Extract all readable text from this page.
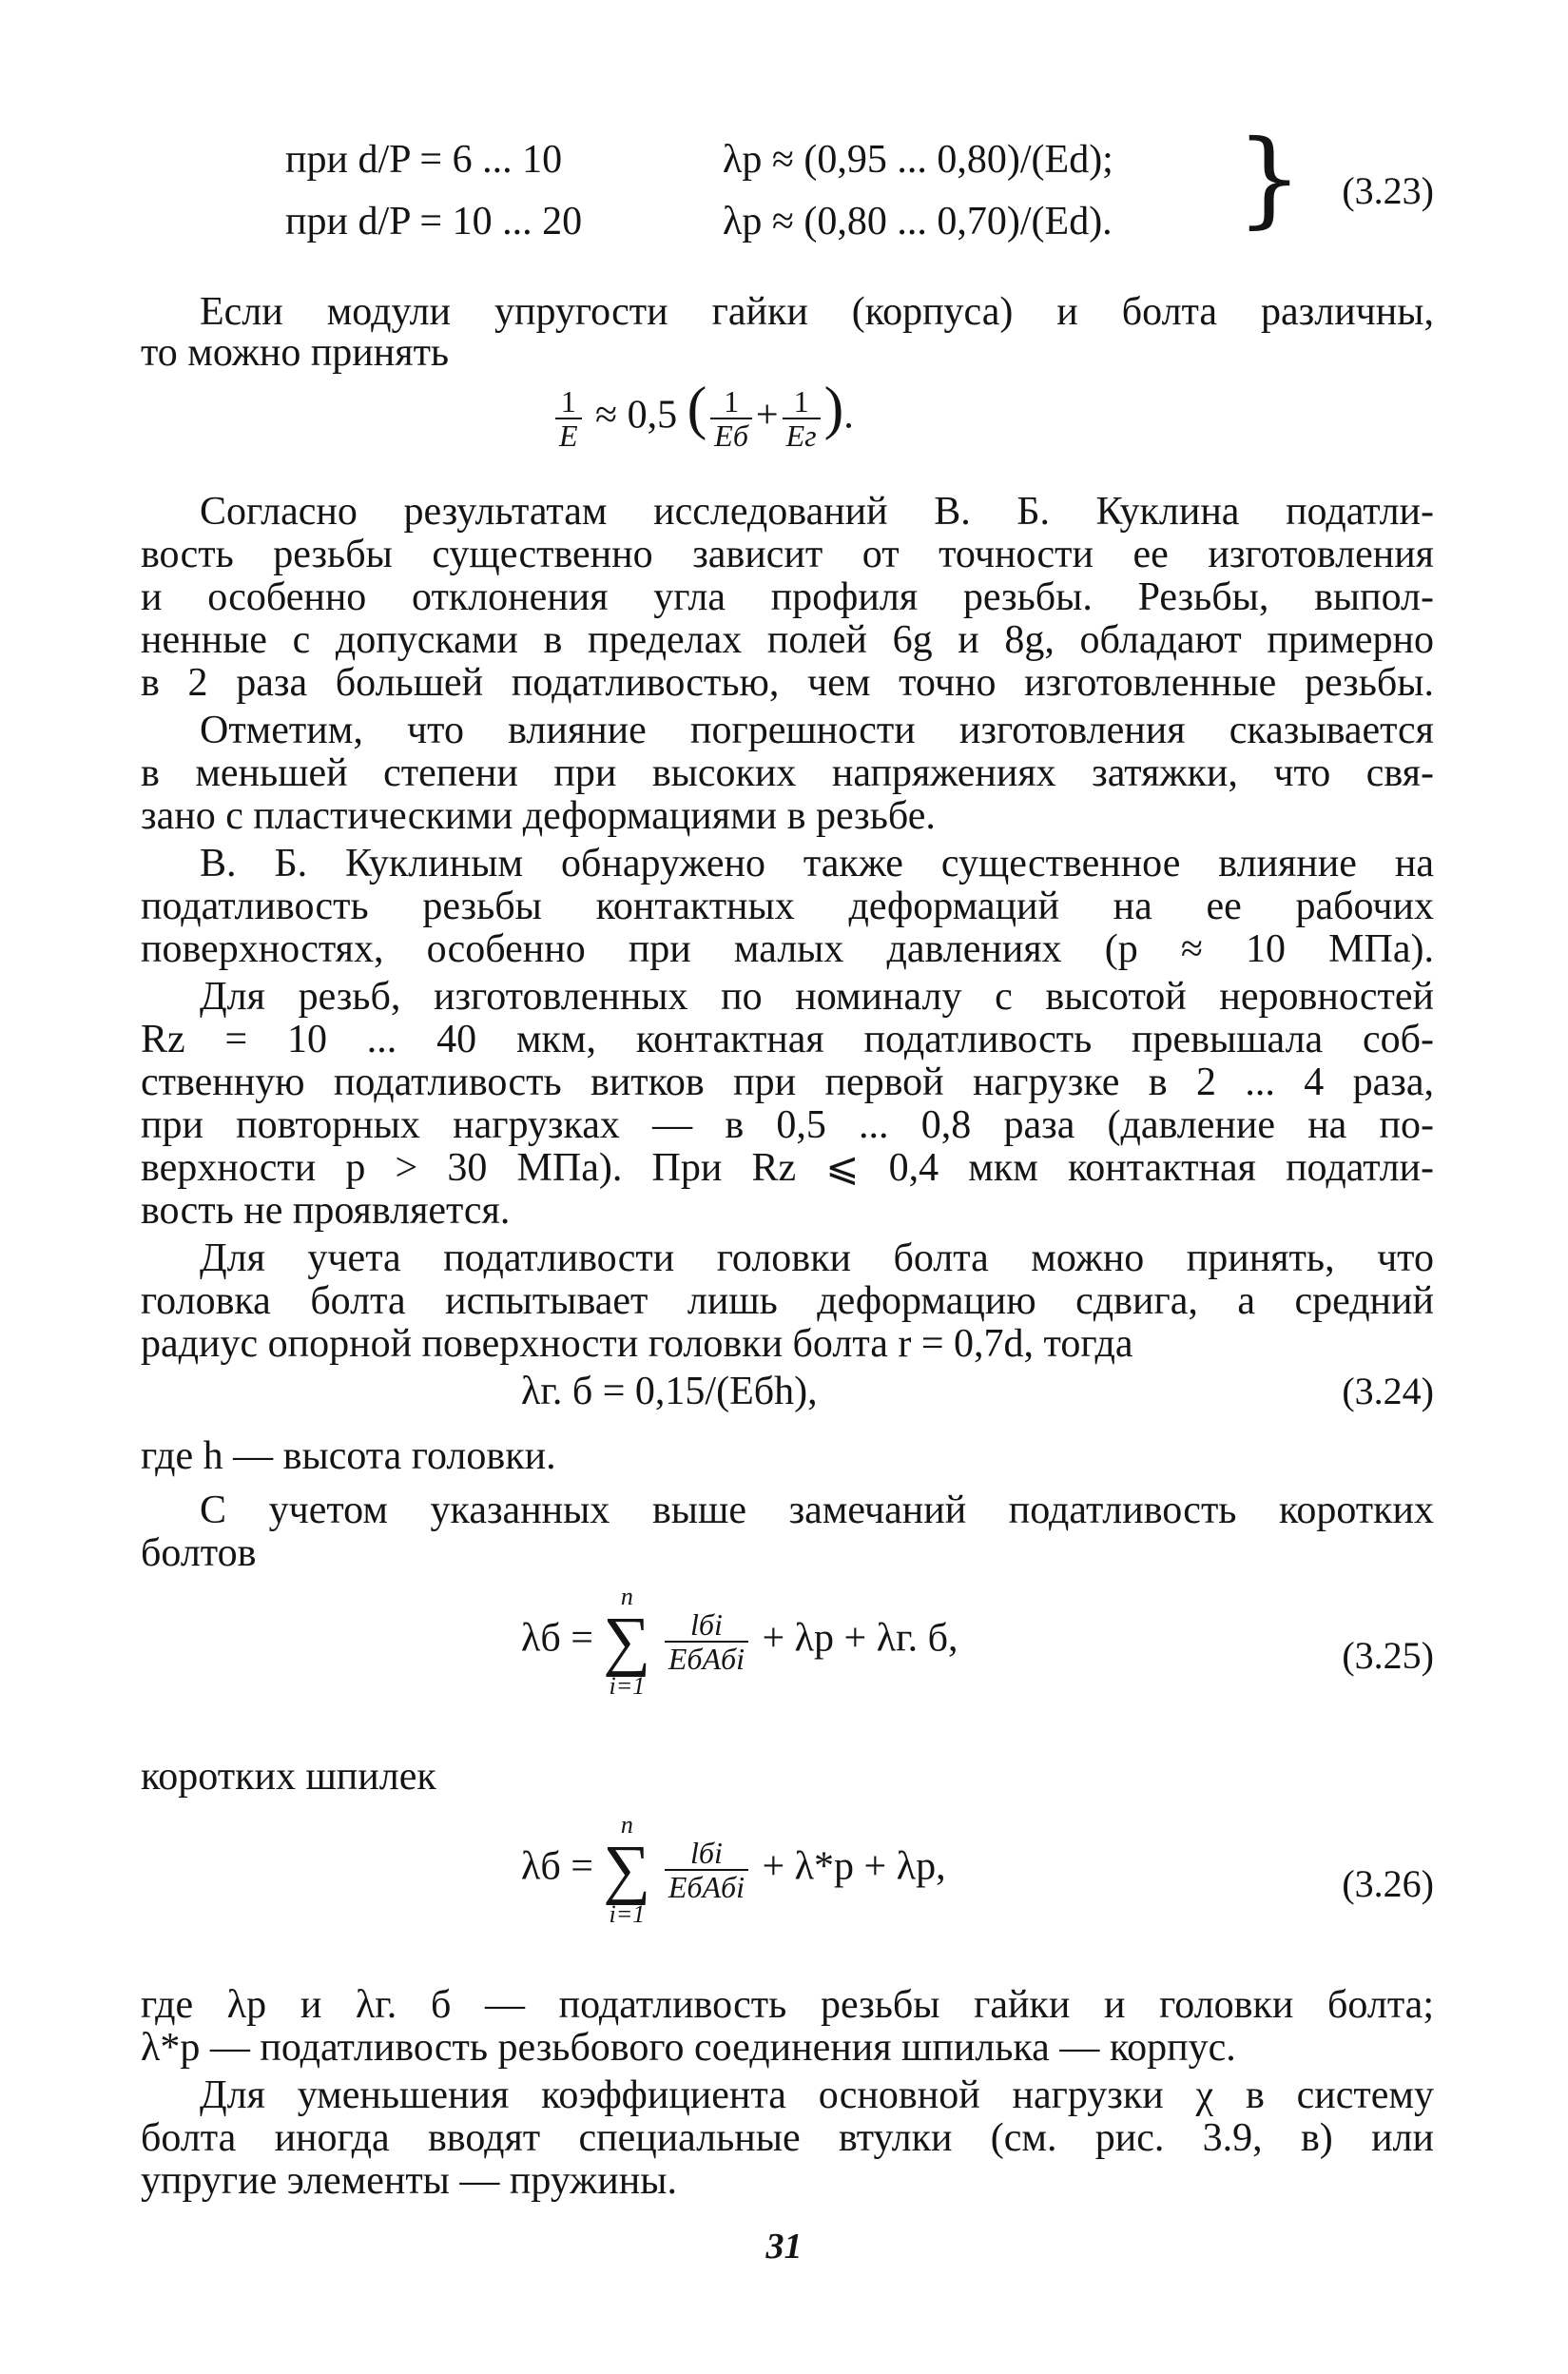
при d/P = 6 ... 10	λp ≈ (0,95 ... 0,80)/(Ed);
при d/P = 10 ... 20	λp ≈ (0,80 ... 0,70)/(Ed). } (3.23)
Если модули упругости гайки (корпуса) и болта различны,
то можно принять
$\frac{1}{E} \approx 0,5$ ( $\frac{1}{Eб} + \frac{1}{Eг}$ ).
Согласно результатам исследований В. Б. Куклина податли-
вость резьбы существенно зависит от точности ее изготовления
и особенно отклонения угла профиля резьбы. Резьбы, выпол-
ненные с допусками в пределах полей 6g и 8g, обладают примерно
в 2 раза большей податливостью, чем точно изготовленные резьбы.
Отметим, что влияние погрешности изготовления сказывается
в меньшей степени при высоких напряжениях затяжки, что свя-
зано с пластическими деформациями в резьбе.
В. Б. Куклиным обнаружено также существенное влияние на
податливость резьбы контактных деформаций на ее рабочих
поверхностях, особенно при малых давлениях (p ≈ 10 МПа).
Для резьб, изготовленных по номиналу с высотой неровностей
Rz = 10 ... 40 мкм, контактная податливость превышала соб-
ственную податливость витков при первой нагрузке в 2 ... 4 раза,
при повторных нагрузках — в 0,5 ... 0,8 раза (давление на по-
верхности p > 30 МПа). При Rz ⩽ 0,4 мкм контактная податли-
вость не проявляется.
Для учета податливости головки болта можно принять, что
головка болта испытывает лишь деформацию сдвига, а средний
радиус опорной поверхности головки болта r = 0,7d, тогда
λг. б = 0,15/(Eбh),	(3.24)
где h — высота головки.
С учетом указанных выше замечаний податливость коротких
болтов
λб =
n
∑
i=1

$\frac{\text{lбi}}{\text{EбAбi}} + \lambda p + \lambda г$. б,	(3.25)
коротких шпилек
λб =
n
∑
i=1

$\frac{\text{lбi}}{\text{EбAбi}} + \lambda*p + \lambda p$,	(3.26)
где λp и λг. б — податливость резьбы гайки и головки болта;
λ*p — податливость резьбового соединения шпилька — корпус.
Для уменьшения коэффициента основной нагрузки χ в систему
болта иногда вводят специальные втулки (см. рис. 3.9, в) или
упругие элементы — пружины.
31
